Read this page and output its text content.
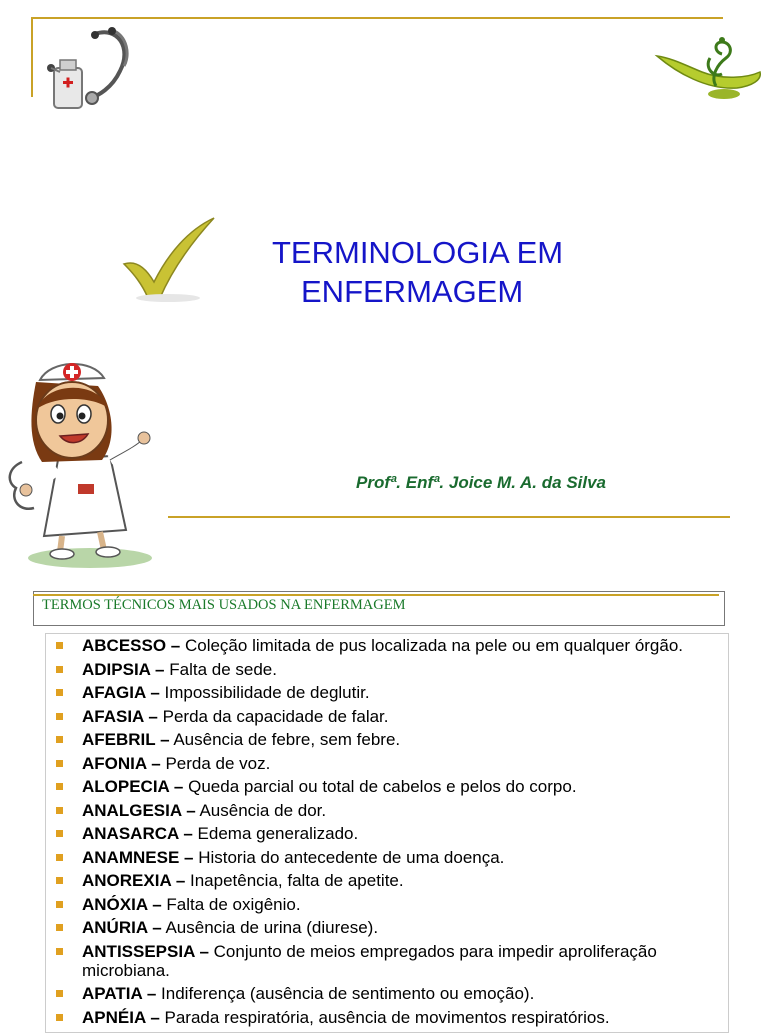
TERMINOLOGIA EM
ENFERMAGEM
Profª. Enfª. Joice M. A. da Silva
TERMOS TÉCNICOS MAIS USADOS NA ENFERMAGEM
ABCESSO – Coleção limitada de pus localizada na pele ou em qualquer órgão.
ADIPSIA – Falta de sede.
AFAGIA – Impossibilidade de deglutir.
AFASIA – Perda da capacidade de falar.
AFEBRIL – Ausência de febre, sem febre.
AFONIA – Perda de voz.
ALOPECIA – Queda parcial ou total de cabelos e pelos do corpo.
ANALGESIA – Ausência de dor.
ANASARCA – Edema generalizado.
ANAMNESE – Historia do antecedente de uma doença.
ANOREXIA – Inapetência, falta de apetite.
ANÓXIA – Falta de oxigênio.
ANÚRIA – Ausência de urina (diurese).
ANTISSEPSIA – Conjunto de meios empregados para impedir aproliferação microbiana.
APATIA – Indiferença (ausência de sentimento ou emoção).
APNÉIA – Parada respiratória, ausência de movimentos respiratórios.
